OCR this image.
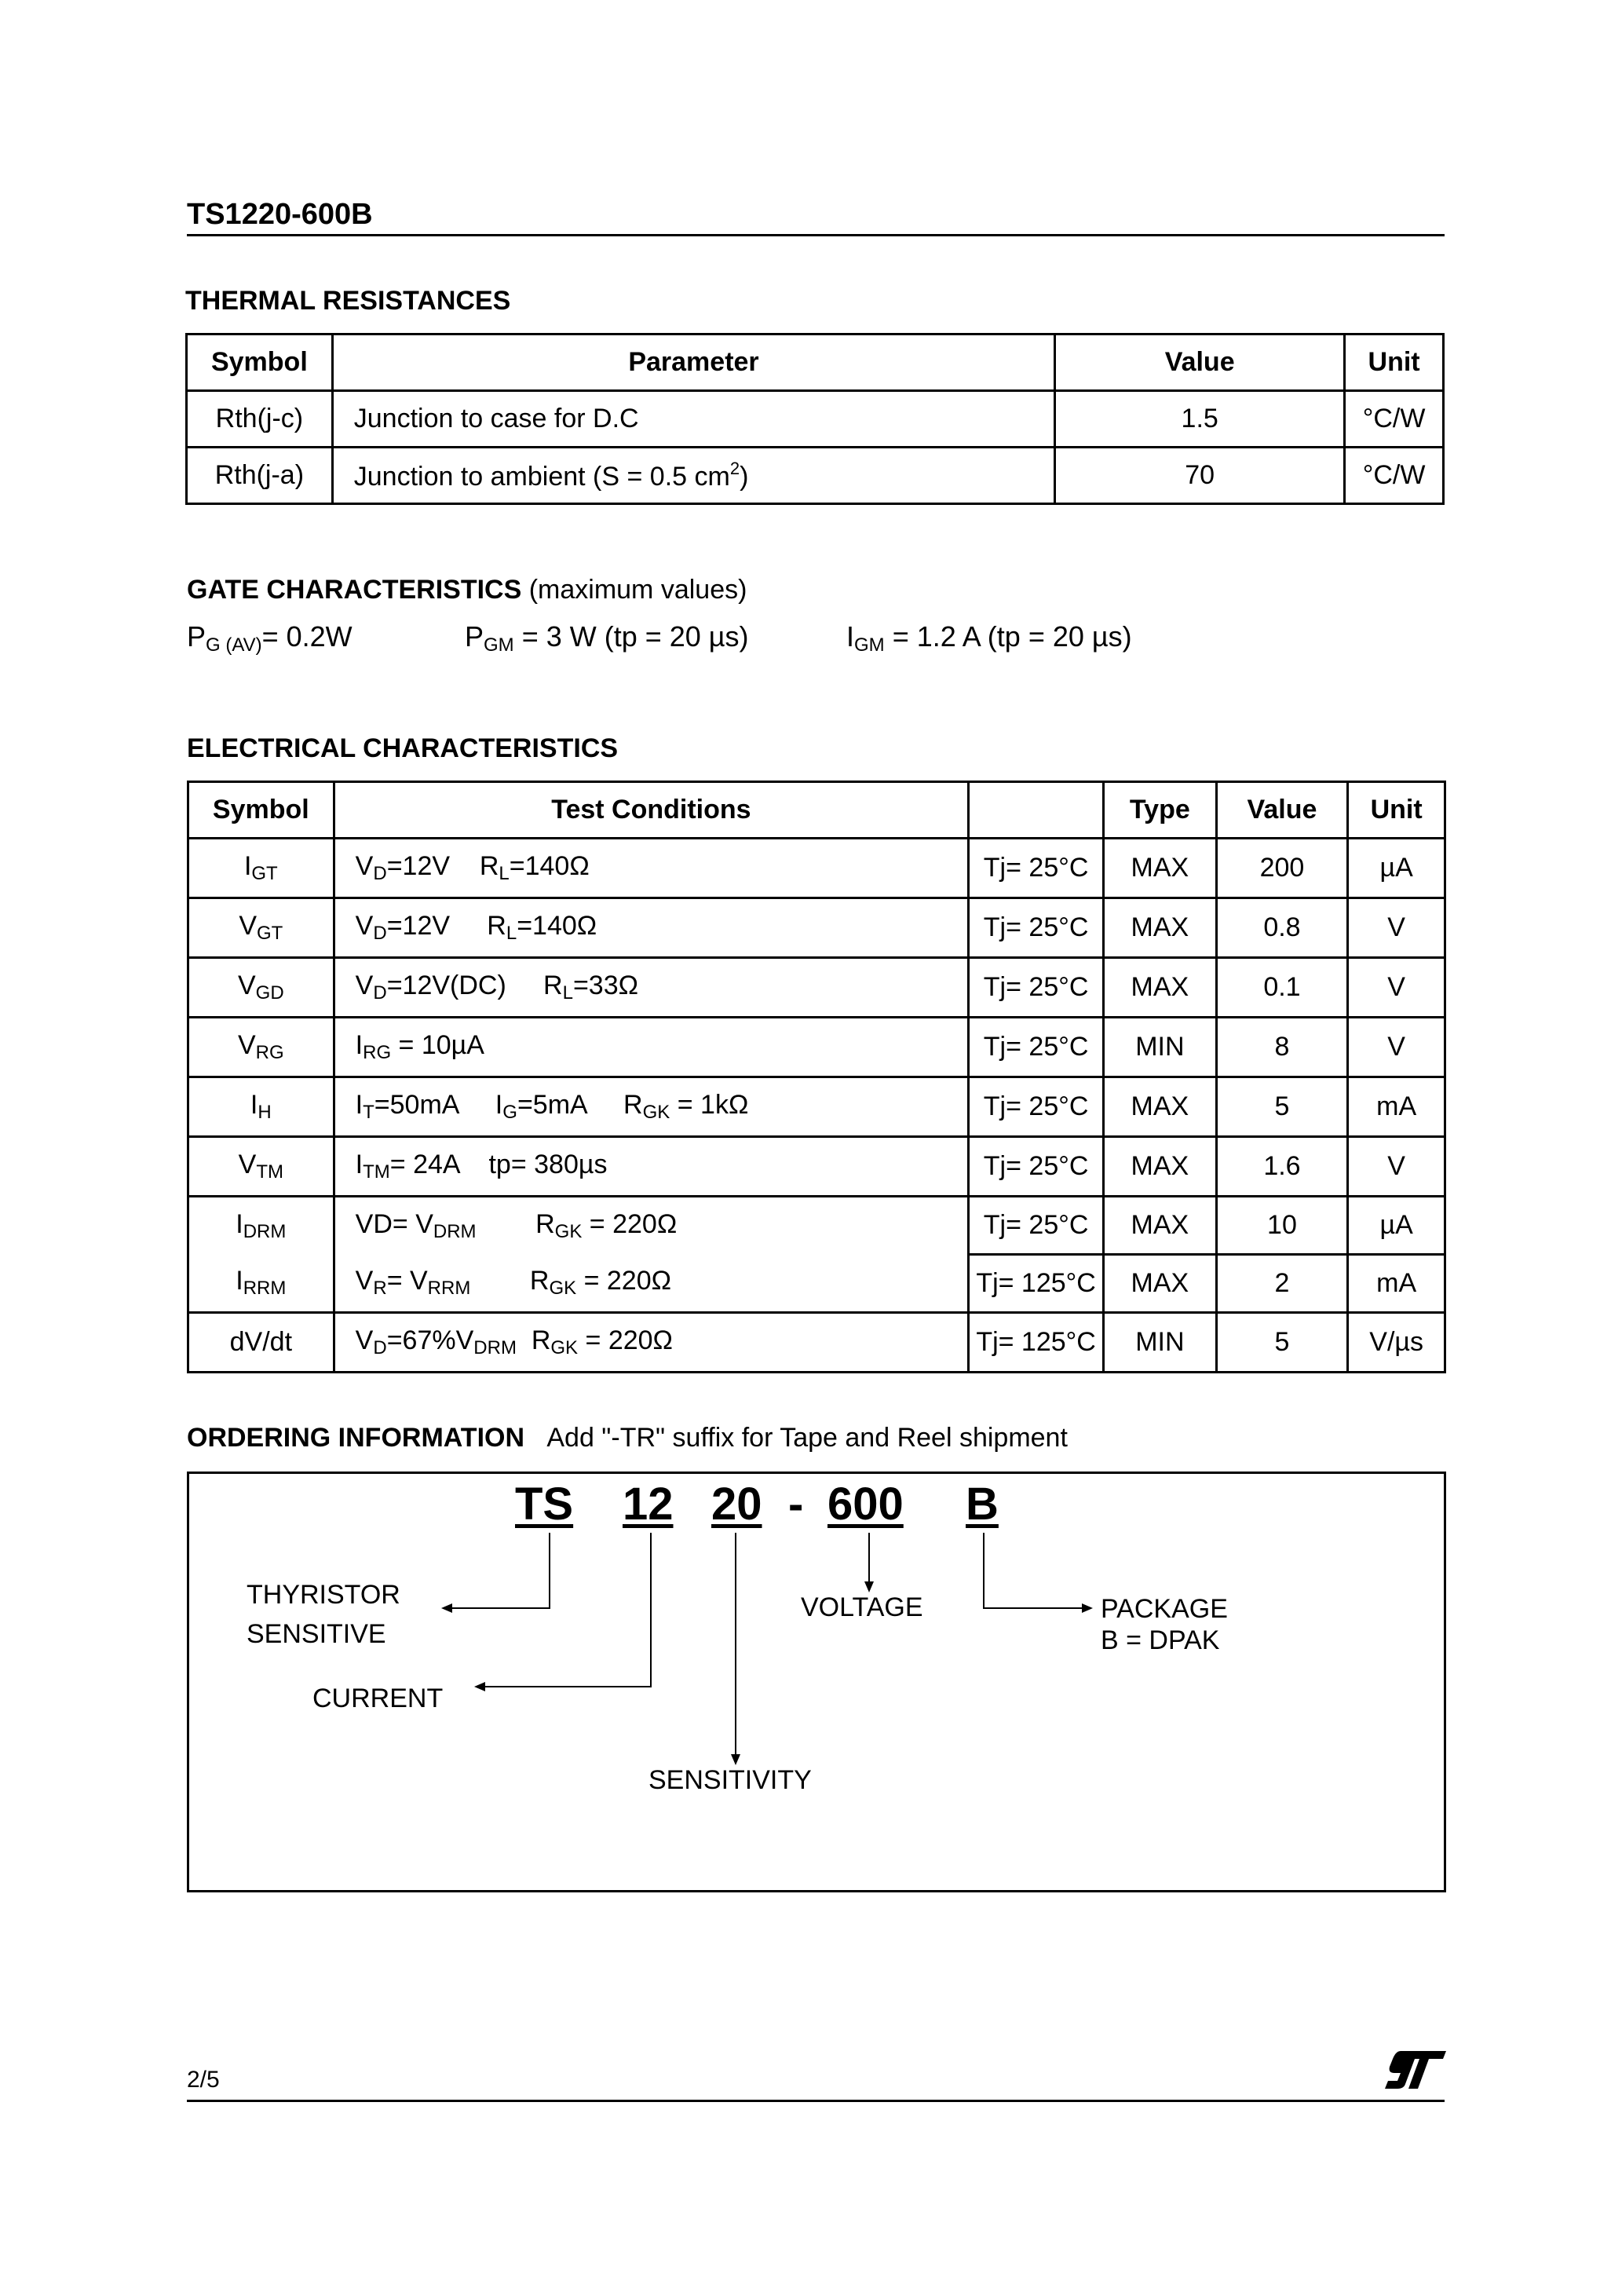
TS1220-600B
THERMAL RESISTANCES
Symbol	Parameter	Value	Unit
Rth(j-c)	Junction to case for D.C	1.5	°C/W
Rth(j-a)	Junction to ambient (S = 0.5 $cm^2$)	70	°C/W
GATE CHARACTERISTICS (maximum values)
$P_{G (AV)}= 0.2W$	$P_{GM} = 3$ W (tp = 20 µs)	$I_{GM} = 1.2$ A (tp = 20 µs)
ELECTRICAL CHARACTERISTICS
Symbol	Test Conditions		Type	Value	Unit
$I_{GT}$	$V_D=12V$    $R_L=140\Omega$	Tj= 25°C	MAX	200	µA
$V_{GT}$	$V_D=12V$     $R_L=140\Omega$	Tj= 25°C	MAX	0.8	V
$V_{GD}$	$V_D=12V(DC)$     $R_L=33\Omega$	Tj= 25°C	MAX	0.1	V
$V_{RG}$	$I_{RG} = 10\mu A$	Tj= 25°C	MIN	8	V
$I_H$	$I_T=50mA$     $I_G=5mA$     $R_{GK} = 1k\Omega$	Tj= 25°C	MAX	5	mA
$V_{TM}$	$I_{TM}= 24A$    tp= 380µs	Tj= 25°C	MAX	1.6	V
$I_{DRM}$	$VD= V_{DRM}$        $R_{GK} = 220\Omega$	Tj= 25°C	MAX	10	µA
$I_{RRM}$	$V_R= V_{RRM}$        $R_{GK} = 220\Omega$	Tj= 125°C	MAX	2	mA
dV/dt	$V_D=67\%V_{DRM}$  $R_{GK} = 220\Omega$	Tj= 125°C	MIN	5	V/µs
ORDERING INFORMATION Add "-TR" suffix for Tape and Reel shipment
TS 12 20 - 600 B
THYRISTOR
SENSITIVE
CURRENT
VOLTAGE	PACKAGE
B = DPAK
SENSITIVITY
2/5
